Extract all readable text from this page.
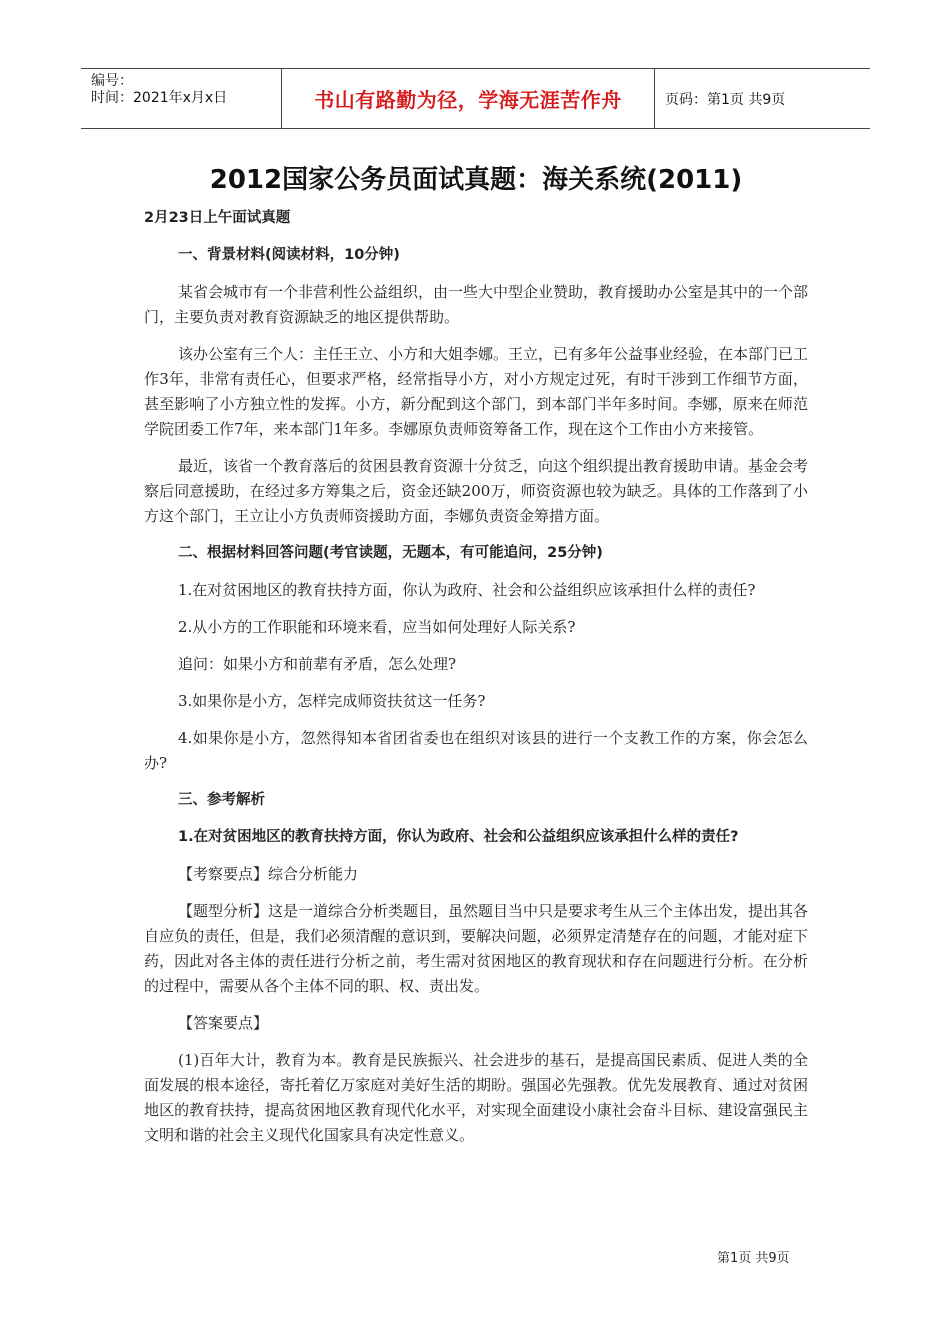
编号：
时间：2021年x月x日	书山有路勤为径，学海无涯苦作舟	页码：第1页 共9页
2012国家公务员面试真题：海关系统(2011)
2月23日上午面试真题
一、背景材料(阅读材料，10分钟)
某省会城市有一个非营利性公益组织，由一些大中型企业赞助，教育援助办公室是其中的一个部门，主要负责对教育资源缺乏的地区提供帮助。
该办公室有三个人：主任王立、小方和大姐李娜。王立，已有多年公益事业经验，在本部门已工作3年，非常有责任心，但要求严格，经常指导小方，对小方规定过死，有时干涉到工作细节方面，甚至影响了小方独立性的发挥。小方，新分配到这个部门，到本部门半年多时间。李娜，原来在师范学院团委工作7年，来本部门1年多。李娜原负责师资筹备工作，现在这个工作由小方来接管。
最近，该省一个教育落后的贫困县教育资源十分贫乏，向这个组织提出教育援助申请。基金会考察后同意援助，在经过多方筹集之后，资金还缺200万，师资资源也较为缺乏。具体的工作落到了小方这个部门，王立让小方负责师资援助方面，李娜负责资金筹措方面。
二、根据材料回答问题(考官读题，无题本，有可能追问，25分钟)
1.在对贫困地区的教育扶持方面，你认为政府、社会和公益组织应该承担什么样的责任?
2.从小方的工作职能和环境来看，应当如何处理好人际关系?
追问：如果小方和前辈有矛盾，怎么处理?
3.如果你是小方，怎样完成师资扶贫这一任务?
4.如果你是小方，忽然得知本省团省委也在组织对该县的进行一个支教工作的方案，你会怎么办?
三、参考解析
1.在对贫困地区的教育扶持方面，你认为政府、社会和公益组织应该承担什么样的责任?
【考察要点】综合分析能力
【题型分析】这是一道综合分析类题目，虽然题目当中只是要求考生从三个主体出发，提出其各自应负的责任，但是，我们必须清醒的意识到，要解决问题，必须界定清楚存在的问题，才能对症下药，因此对各主体的责任进行分析之前，考生需对贫困地区的教育现状和存在问题进行分析。在分析的过程中，需要从各个主体不同的职、权、责出发。
【答案要点】
(1)百年大计，教育为本。教育是民族振兴、社会进步的基石，是提高国民素质、促进人类的全面发展的根本途径，寄托着亿万家庭对美好生活的期盼。强国必先强教。优先发展教育、通过对贫困地区的教育扶持，提高贫困地区教育现代化水平，对实现全面建设小康社会奋斗目标、建设富强民主文明和谐的社会主义现代化国家具有决定性意义。
第1页 共9页
